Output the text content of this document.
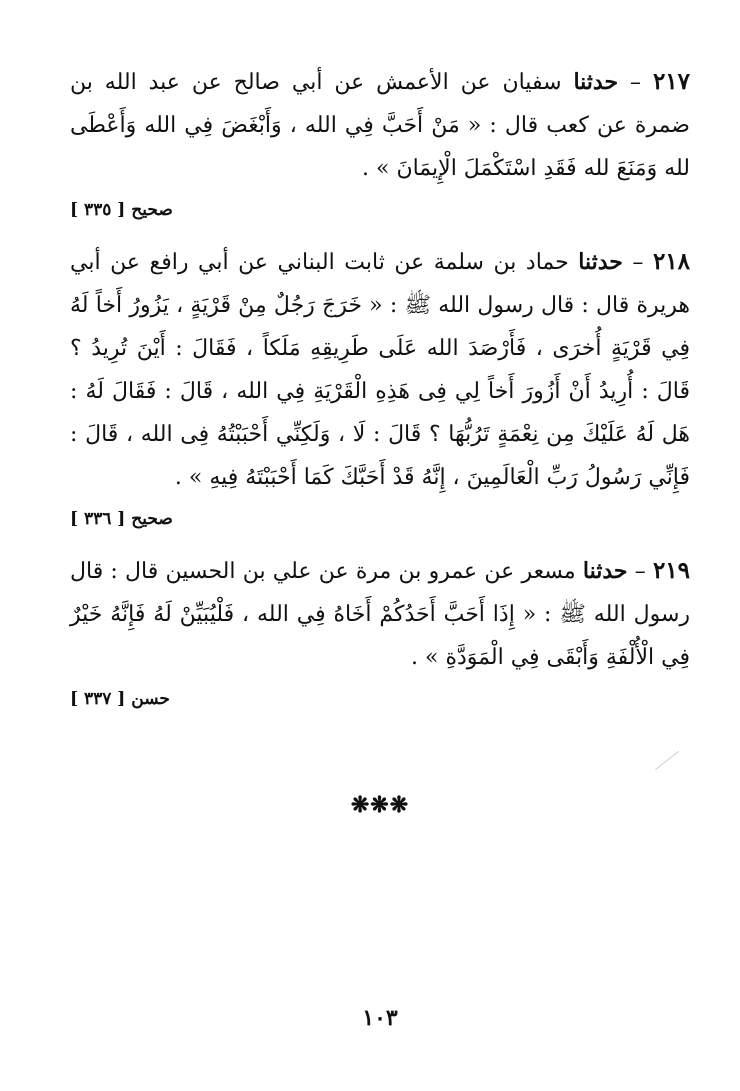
٢١٧ – حدثنا سفيان عن الأعمش عن أبي صالح عن عبد الله بن ضمرة عن كعب قال : « مَنْ أَحَبَّ فِي الله ، وَأَبْغَضَ فِي الله وَأَعْطَى لله وَمَنَعَ لله فَقَدِ اسْتَكْمَلَ الْإِيمَانَ » .

صحيح [ ٣٣٥ ]

٢١٨ – حدثنا حماد بن سلمة عن ثابت البناني عن أبي رافع عن أبي هريرة قال : قال رسول الله ﷺ : « خَرَجَ رَجُلٌ مِنْ قَرْيَةٍ ، يَزُورُ أَخاً لَهُ فِي قَرْيَةٍ أُخرَى ، فَأَرْصَدَ الله عَلَى طَرِيقِهِ مَلَكاً ، فَقَالَ : أَيْنَ تُرِيدُ ؟ قَالَ : أُرِيدُ أَنْ أَزُورَ أَخاً لِي فِى هَذِهِ الْقَرْيَةِ فِي الله ، قَالَ : فَقَالَ لَهُ : هَل لَهُ عَلَيْكَ مِن نِعْمَةٍ تَرُبُّهَا ؟ قَالَ : لَا ، وَلَكِنِّي أَحْبَبْتُهُ فِى الله ، قَالَ : فَإِنِّي رَسُولُ رَبِّ الْعَالَمِينَ ، إِنَّهُ قَدْ أَحَبَّكَ كَمَا أَحْبَبْتَهُ فِيهِ » .

صحيح [ ٣٣٦ ]

٢١٩ – حدثنا مسعر عن عمرو بن مرة عن علي بن الحسين قال : قال رسول الله ﷺ : « إِذَا أَحَبَّ أَحَدُكُمْ أَخَاهُ فِي الله ، فَلْيُبَيِّنْ لَهُ فَإِنَّهُ خَيْرٌ فِي الْأُلْفَةِ وَأَبْقَى فِي الْمَوَدَّةِ » .

حسن [ ٣٣٧ ]
❋❋❋
١٠٣
